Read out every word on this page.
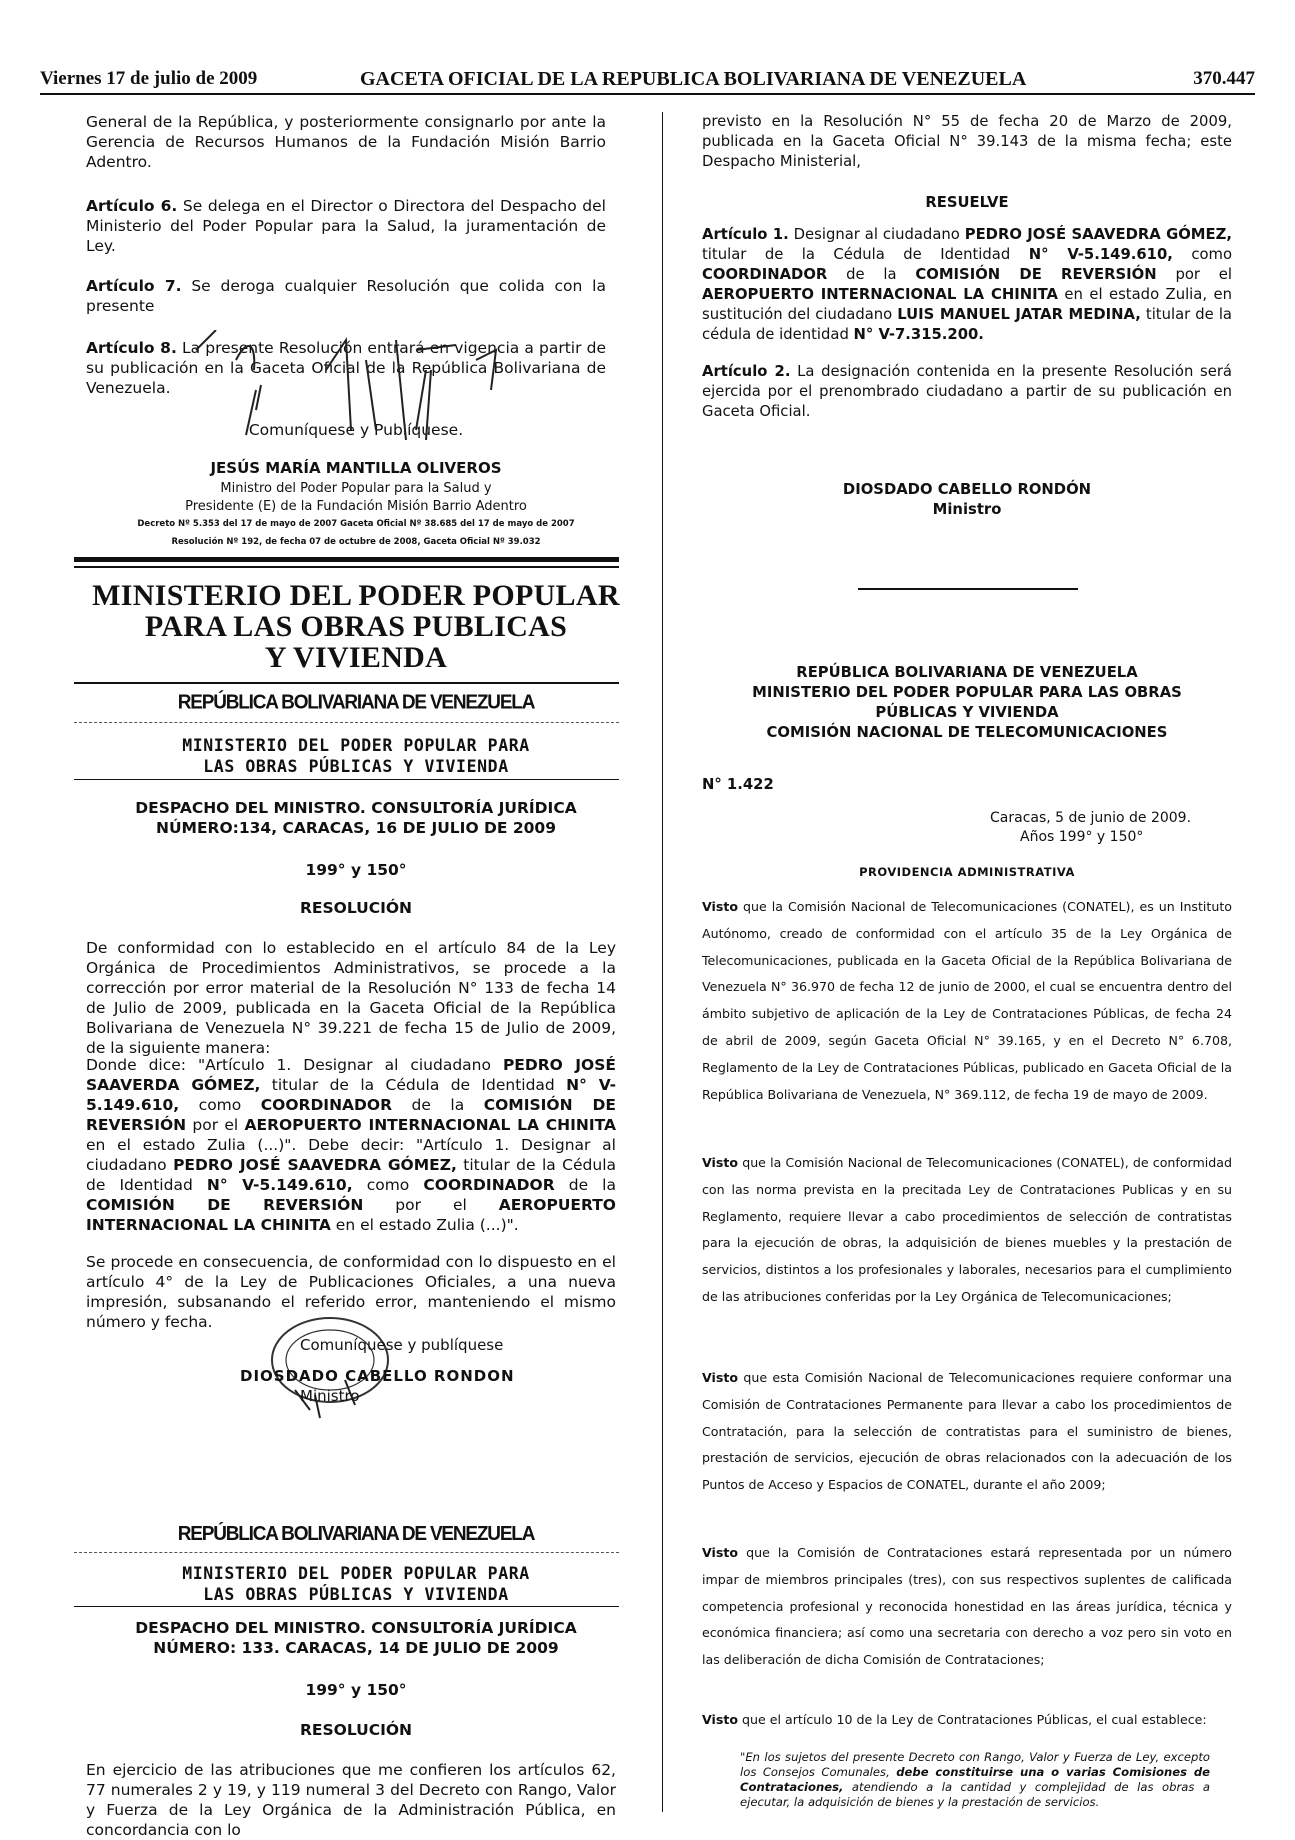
Viernes 17 de julio de 2009	GACETA OFICIAL DE LA REPUBLICA BOLIVARIANA DE VENEZUELA	370.447

General de la República, y posteriormente consignarlo por ante la Gerencia de Recursos Humanos de la Fundación Misión Barrio Adentro.

Artículo 6. Se delega en el Director o Directora del Despacho del Ministerio del Poder Popular para la Salud, la juramentación de Ley.

Artículo 7. Se deroga cualquier Resolución que colida con la presente

Artículo 8. La presente Resolución entrará en vigencia a partir de su publicación en la Gaceta Oficial de la República Bolivariana de Venezuela.

Comuníquese y Publíquese.

JESÚS MARÍA MANTILLA OLIVEROS
Ministro del Poder Popular para la Salud y
Presidente (E) de la Fundación Misión Barrio Adentro
Decreto Nº 5.353 del 17 de mayo de 2007 Gaceta Oficial Nº 38.685 del 17 de mayo de 2007
Resolución Nº 192, de fecha 07 de octubre de 2008, Gaceta Oficial Nº 39.032
MINISTERIO DEL PODER POPULAR
PARA LAS OBRAS PUBLICAS
Y VIVIENDA
REPÚBLICA BOLIVARIANA DE VENEZUELA
MINISTERIO DEL PODER POPULAR PARA
LAS OBRAS PÚBLICAS Y VIVIENDA
DESPACHO DEL MINISTRO. CONSULTORÍA JURÍDICA
NÚMERO:134, CARACAS, 16 DE JULIO DE 2009
199° y 150°
RESOLUCIÓN

De conformidad con lo establecido en el artículo 84 de la Ley Orgánica de Procedimientos Administrativos, se procede a la corrección por error material de la Resolución N° 133 de fecha 14 de Julio de 2009, publicada en la Gaceta Oficial de la República Bolivariana de Venezuela N° 39.221 de fecha 15 de Julio de 2009, de la siguiente manera:

Donde dice: "Artículo 1. Designar al ciudadano PEDRO JOSÉ SAAVERDA GÓMEZ, titular de la Cédula de Identidad N° V-5.149.610, como COORDINADOR de la COMISIÓN DE REVERSIÓN por el AEROPUERTO INTERNACIONAL LA CHINITA en el estado Zulia (...)". Debe decir: "Artículo 1. Designar al ciudadano PEDRO JOSÉ SAAVEDRA GÓMEZ, titular de la Cédula de Identidad N° V-5.149.610, como COORDINADOR de la COMISIÓN DE REVERSIÓN por el AEROPUERTO INTERNACIONAL LA CHINITA en el estado Zulia (...)".

Se procede en consecuencia, de conformidad con lo dispuesto en el artículo 4° de la Ley de Publicaciones Oficiales, a una nueva impresión, subsanando el referido error, manteniendo el mismo número y fecha.

Comuníquese y publíquese
DIOSDADO CABELLO RONDON
Ministro
REPÚBLICA BOLIVARIANA DE VENEZUELA
MINISTERIO DEL PODER POPULAR PARA
LAS OBRAS PÚBLICAS Y VIVIENDA
DESPACHO DEL MINISTRO. CONSULTORÍA JURÍDICA
NÚMERO: 133. CARACAS, 14 DE JULIO DE 2009
199° y 150°
RESOLUCIÓN

En ejercicio de las atribuciones que me confieren los artículos 62, 77 numerales 2 y 19, y 119 numeral 3 del Decreto con Rango, Valor y Fuerza de la Ley Orgánica de la Administración Pública, en concordancia con lo

previsto en la Resolución N° 55 de fecha 20 de Marzo de 2009, publicada en la Gaceta Oficial N° 39.143 de la misma fecha; este Despacho Ministerial,

RESUELVE

Artículo 1. Designar al ciudadano PEDRO JOSÉ SAAVEDRA GÓMEZ, titular de la Cédula de Identidad N° V-5.149.610, como COORDINADOR de la COMISIÓN DE REVERSIÓN por el AEROPUERTO INTERNACIONAL LA CHINITA en el estado Zulia, en sustitución del ciudadano LUIS MANUEL JATAR MEDINA, titular de la cédula de identidad N° V-7.315.200.

Artículo 2. La designación contenida en la presente Resolución será ejercida por el prenombrado ciudadano a partir de su publicación en Gaceta Oficial.

DIOSDADO CABELLO RONDÓN
Ministro
REPÚBLICA BOLIVARIANA DE VENEZUELA
MINISTERIO DEL PODER POPULAR PARA LAS OBRAS
PÚBLICAS Y VIVIENDA
COMISIÓN NACIONAL DE TELECOMUNICACIONES
N° 1.422
Caracas, 5 de junio de 2009.
Años 199° y 150°
PROVIDENCIA ADMINISTRATIVA

Visto que la Comisión Nacional de Telecomunicaciones (CONATEL), es un Instituto Autónomo, creado de conformidad con el artículo 35 de la Ley Orgánica de Telecomunicaciones, publicada en la Gaceta Oficial de la República Bolivariana de Venezuela N° 36.970 de fecha 12 de junio de 2000, el cual se encuentra dentro del ámbito subjetivo de aplicación de la Ley de Contrataciones Públicas, de fecha 24 de abril de 2009, según Gaceta Oficial N° 39.165, y en el Decreto N° 6.708, Reglamento de la Ley de Contrataciones Públicas, publicado en Gaceta Oficial de la República Bolivariana de Venezuela, N° 369.112, de fecha 19 de mayo de 2009.

Visto que la Comisión Nacional de Telecomunicaciones (CONATEL), de conformidad con las norma prevista en la precitada Ley de Contrataciones Publicas y en su Reglamento, requiere llevar a cabo procedimientos de selección de contratistas para la ejecución de obras, la adquisición de bienes muebles y la prestación de servicios, distintos a los profesionales y laborales, necesarios para el cumplimiento de las atribuciones conferidas por la Ley Orgánica de Telecomunicaciones;

Visto que esta Comisión Nacional de Telecomunicaciones requiere conformar una Comisión de Contrataciones Permanente para llevar a cabo los procedimientos de Contratación, para la selección de contratistas para el suministro de bienes, prestación de servicios, ejecución de obras relacionados con la adecuación de los Puntos de Acceso y Espacios de CONATEL, durante el año 2009;

Visto que la Comisión de Contrataciones estará representada por un número impar de miembros principales (tres), con sus respectivos suplentes de calificada competencia profesional y reconocida honestidad en las áreas jurídica, técnica y económica financiera; así como una secretaria con derecho a voz pero sin voto en las deliberación de dicha Comisión de Contrataciones;

Visto que el artículo 10 de la Ley de Contrataciones Públicas, el cual establece:

"En los sujetos del presente Decreto con Rango, Valor y Fuerza de Ley, excepto los Consejos Comunales, debe constituirse una o varias Comisiones de Contrataciones, atendiendo a la cantidad y complejidad de las obras a ejecutar, la adquisición de bienes y la prestación de servicios.
